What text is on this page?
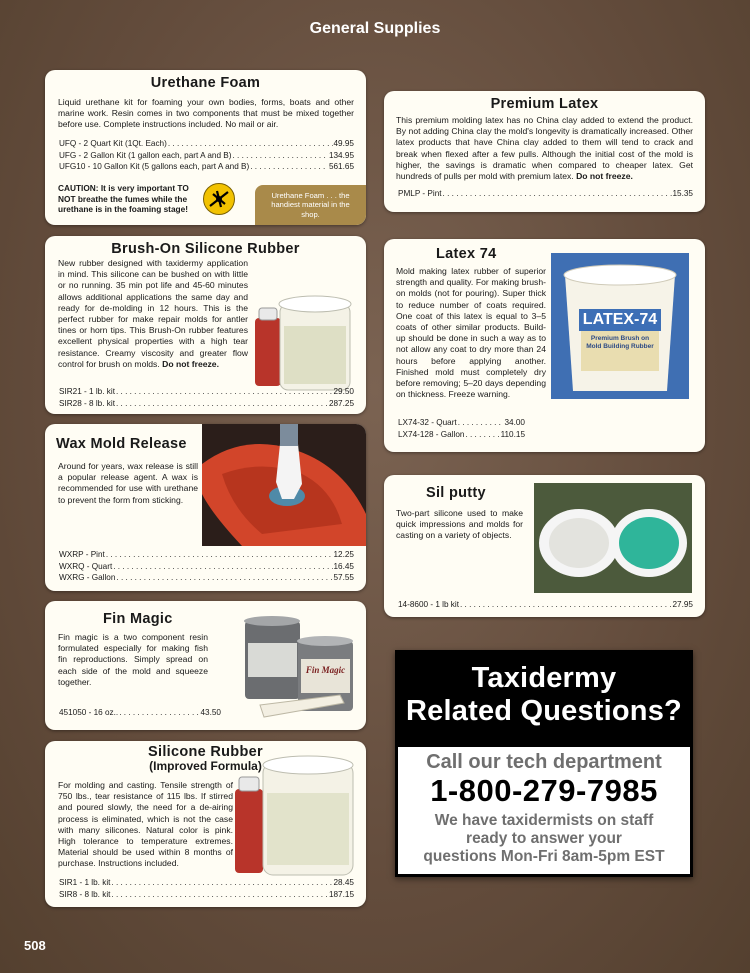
General Supplies
Urethane Foam

Liquid urethane kit for foaming your own bodies, forms, boats and other marine work. Resin comes in two components that must be mixed together before use. Complete instructions included. No mail or air.

UFQ - 2 Quart Kit (1Qt. Each) . . .	49.95
UFG - 2 Gallon Kit (1 gallon each, part A and B) . . .	134.95
UFG10 - 10 Gallon Kit (5 gallons each, part A and B) . . .	561.65
CAUTION: It is very important TO NOT breathe the fumes while the urethane is in the foaming stage!
Urethane Foam . . . the handiest material in the shop.
Brush-On Silicone Rubber

New rubber designed with taxidermy application in mind. This silicone can be bushed on with little or no running. 35 min pot life and 45-60 minutes allows additional applications the same day and ready for de-molding in 12 hours. This is the perfect rubber for make repair molds for antler tines or horn tips. This Brush-On rubber features excellent physical properties with a high tear resistance. Creamy viscosity and greater flow control for brush on molds. Do not freeze.

SIR21 - 1 lb. kit . . .	29.50
SIR28 - 8 lb. kit . . .	287.25
Wax Mold Release

Around for years, wax release is still a popular release agent. A wax is recommended for use with urethane to prevent the form from sticking.

WXRP - Pint . . .	12.25
WXRQ - Quart . . .	16.45
WXRG - Gallon . . .	57.55
Fin Magic

Fin magic is a two component resin formulated especially for making fish fin reproductions. Simply spread on each side of the mold and squeeze together.

Fin Magic
451050 - 16 oz.. . . .	43.50
Silicone Rubber
(Improved Formula)

For molding and casting. Tensile strength of 750 lbs., tear resistance of 115 lbs. If stirred and poured slowly, the need for a de-airing process is eliminated, which is not the case with many silicones. Natural color is pink. High tolerance to temperature extremes. Material should be used within 8 months of purchase. Instructions included.

SIR1 - 1 lb. kit . . .	28.45
SIR8 - 8 lb. kit . . .	187.15
Premium Latex

This premium molding latex has no China clay added to extend the product. By not adding China clay the mold's longevity is dramatically increased. Other latex products that have China clay added to them will tend to crack and break when flexed after a few pulls. Although the initial cost of the mold is higher, the savings is dramatic when compared to cheaper latex. Get hundreds of pulls per mold with premium latex. Do not freeze.

PMLP - Pint . . .	15.35
Latex 74

Mold making latex rubber of superior strength and quality. For making brush-on molds (not for pouring). Super thick to reduce number of coats required. One coat of this latex is equal to 3–5 coats of other similar products. Build-up should be done in such a way as to not allow any coat to dry more than 24 hours before applying another. Finished mold must completely dry before removing; 5–20 days depending on thickness. Freeze warning.

LATEX-74
Premium Brush on Mold Building Rubber
LX74-32 - Quart . . .	34.00
LX74-128 - Gallon . . .	110.15
Sil putty

Two-part silicone used to make quick impressions and molds for casting on a variety of objects.

14-8600 - 1 lb kit . . .	27.95
Taxidermy
Related Questions?
Call our tech department
1-800-279-7985
We have taxidermists on staff
ready to answer your
questions Mon-Fri 8am-5pm EST
508
